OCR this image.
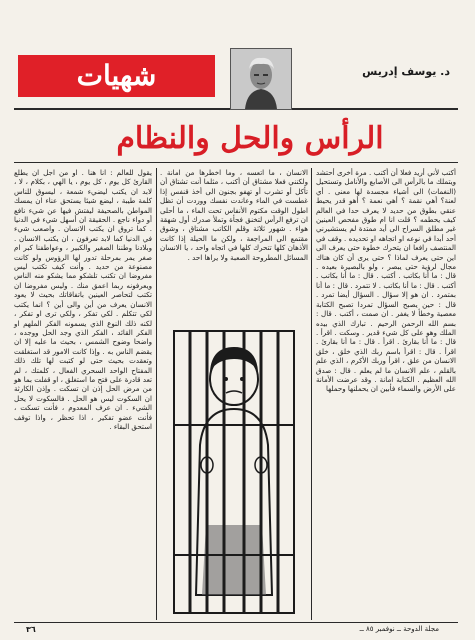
شهيات	د. يوسف إدريس
الرأس والحل والنظام

أكتب لأني أريد فعلا أن أكتب . مرة أخرى أحتشد ويتملك ما بالرأس الى الأصابع والأنامل وتستحيل (النغمات) الى أشياء مجسدة لها معنى . أي لعنة؟ أهي نقمة ؟ أهي نعمة ؟ أهو قدر يحيط عنقي بطوق من حديد لا يعرف حدا في العالم كيف يحطمه ؟ قلت انا ام طوق مفحص العينين غير مطلق السراح الى أيد ممتدة لم يستشيرني أحد أبدا في نوعه او اتجاهه او تحديده . وقف في المنتصف رافعا ان يتحرك خطوة حتى يعرف الى اين حتى يعرف لماذا ؟ حتى يرى أن كان هناك مجال لرؤية حتى يبصر ، ولو بالبصيرة بعيده . قال : ما أنا بكاتب . أكتب . قال : ما أنا بكاتب . أكتب . قال : ما أنا بكاتب . لا تتمرد . قال : ما أنا بمتمرد . ان هو إلا سؤال . السؤال أيضا تمرد . قال : حين يصبح السؤال تمردا تصبح الكتابة معصية وخطأ لا يغفر . ان صمت ، أكتب . قال : بسم الله الرحمن الرحيم . تبارك الذي بيده الملك وهو على كل شيء قدير . وسكت . اقرأ . قال : ما أنا بقارئ . اقرأ . قال : ما أنا بقارئ . اقرأ . قال : اقرأ باسم ربك الذي خلق ، خلق الانسان من علق ، اقرأ وربك الأكرم ، الذي علم بالقلم ، علم الانسان ما لم يعلم . قال : صدق الله العظيم . الكتابة امانة . وقد عرضت الأمانة على الأرض والسماء فأبين ان يحملنها وحملها

الانسان ، ما اتعسه ، وما اخطرها من امانة . ولكنني فعلا مشتاق أن أكتب ، مثلما أنت تشتاق أن تأكل أو تشرب أو تهفو بجنون الى أخذ قنفس إذا غطست في الماء وعاندت نفسك ووردت أن تظل اطول الوقت مكتوم الأنفاس تحت الماء ، ما أحلى ان ترفع الرأس لتخنق فجأة وتملأ صدرك أول شهقة هواء . شهور ثلاثة وقلم الكاتب مشتاق ، وشوق مقتمع الى المراجعة ، ولكن ما الحيلة إذا كانت الأذهان كلها تتحرك كلها في اتجاه واحد ، يا الانسان المسائل المطروحة الصعبة ولا يراها احد .

يقول للعالم : انا هنا . او من اجل ان يطلع القارئ كل يوم ، كل يوم ، يا الهي ، بكلام ، لا ، لابد ان يكتب ليضيء شمعة ، ليسوق للناس كلمة طيبة ، ليضع شيئا يستحق عناء ان يمسك المواطن بالصحيفة ليفتش فيها عن شيء نافع أو دواء ناجع . الحقيقة ان أسهل شيء في الدنيا . كما تروق ان يكتب الانسان . واصعب شيء في الدنيا كما لابد تعرفون ، ان يكتب الانسان . وبلادنا وطننا الصغير والكبير ، وعواطفنا كبر ام صغر يمر بمرحلة تدور لها الرؤوس ولو كانت مصنوعة من حديد . وأنت كيف تكتب ليس مفروضا ان تكتب تلشكو مما يشكو منه الناس ويعرفونه ربما اعمق منك . وليس مفروضا ان تكتب لتحاصر العينين باتفاقاتك بحيث لا يعود الانسان يعرف من أين والى أين ؟ انما يكتب لكي تتكلم . لكي تفكر ، ولكي ترى او تفكر ، لكنه ذلك النوع الذي يسمونه الفكر الملهم او الفكر القائد ، الفكر الذي وجد الحل ووجده ، واضحا وضوح الشمس ، بحيث ما عليه إلا ان يقضم الناس به . وإذا كانت الامور قد استغلقت وتعقدت بحيث حتى لو كتبت لها تلك ذلك المفتاح الواحد السحري الفعال ، كلمتك ، لم تعد قادرة على فتح ما استغلق ، او قفلت بما هو من مرض الحل إذن ان تسكت . وإذن الكارثة ان السكوت ليس هو الحل . فالسكوت لا يحل الشيء . ان عرف المعدوم ، فأنت تسكت ، فأنت عضو تفكير ، اذا تحظر ، واذا توقف استحق البقاء .

٣٦	مجلة الدوحة ــ نوفمبر ٨٥ ــ
